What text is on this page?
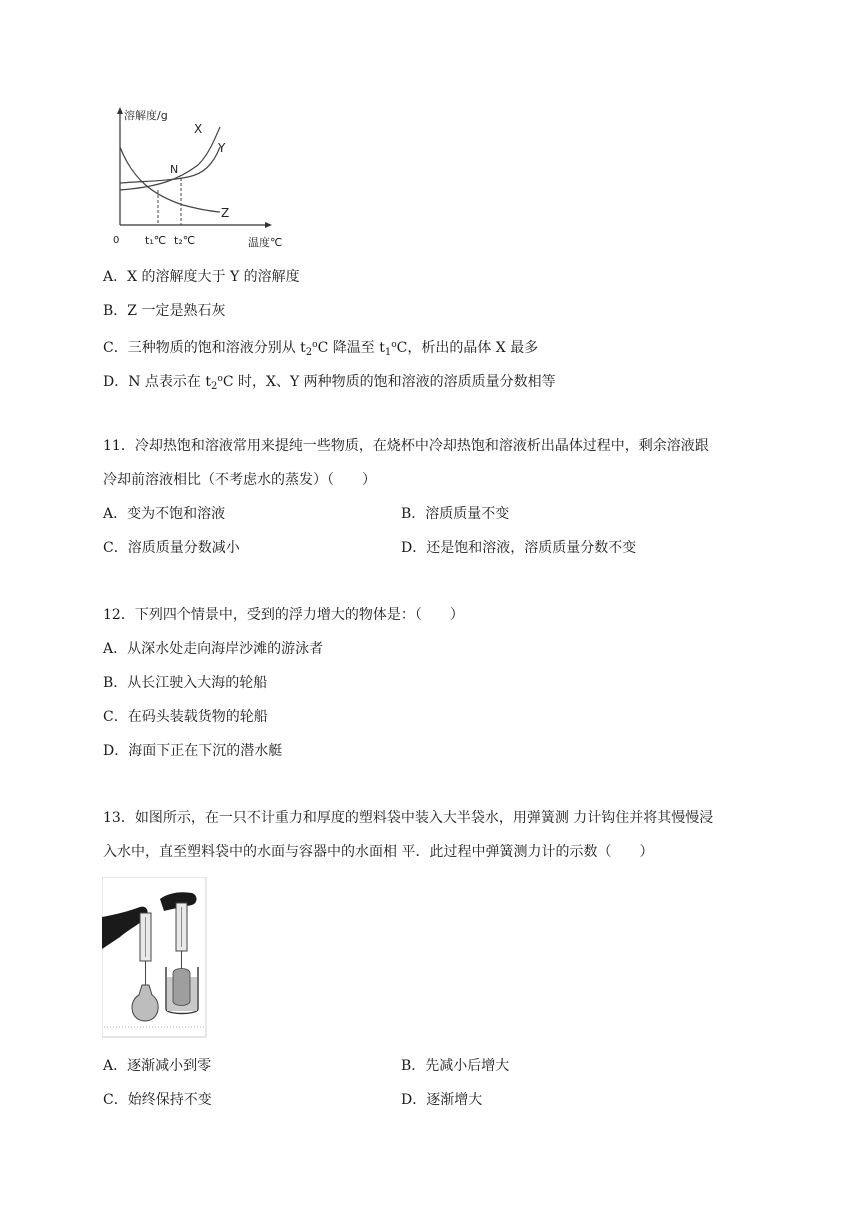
溶解度/g
X
Y
N
Z
0 t₁℃ t₂℃	温度℃
A．X 的溶解度大于 Y 的溶解度
B．Z 一定是熟石灰
C．三种物质的饱和溶液分别从 $t_2^oC$ 降温至 $t_1^oC$，析出的晶体 X 最多
D．N 点表示在 $t_2^oC$ 时，X、Y 两种物质的饱和溶液的溶质质量分数相等
11．冷却热饱和溶液常用来提纯一些物质，在烧杯中冷却热饱和溶液析出晶体过程中，剩余溶液跟
冷却前溶液相比（不考虑水的蒸发）（　　）
A．变为不饱和溶液	B．溶质质量不变
C．溶质质量分数减小	D．还是饱和溶液，溶质质量分数不变
12．下列四个情景中，受到的浮力增大的物体是：（　　）
A．从深水处走向海岸沙滩的游泳者
B．从长江驶入大海的轮船
C．在码头装载货物的轮船
D．海面下正在下沉的潜水艇
13．如图所示，在一只不计重力和厚度的塑料袋中装入大半袋水，用弹簧测 力计钩住并将其慢慢浸
入水中，直至塑料袋中的水面与容器中的水面相 平．此过程中弹簧测力计的示数（　　）
A．逐渐减小到零	B．先减小后增大
C．始终保持不变	D．逐渐增大
